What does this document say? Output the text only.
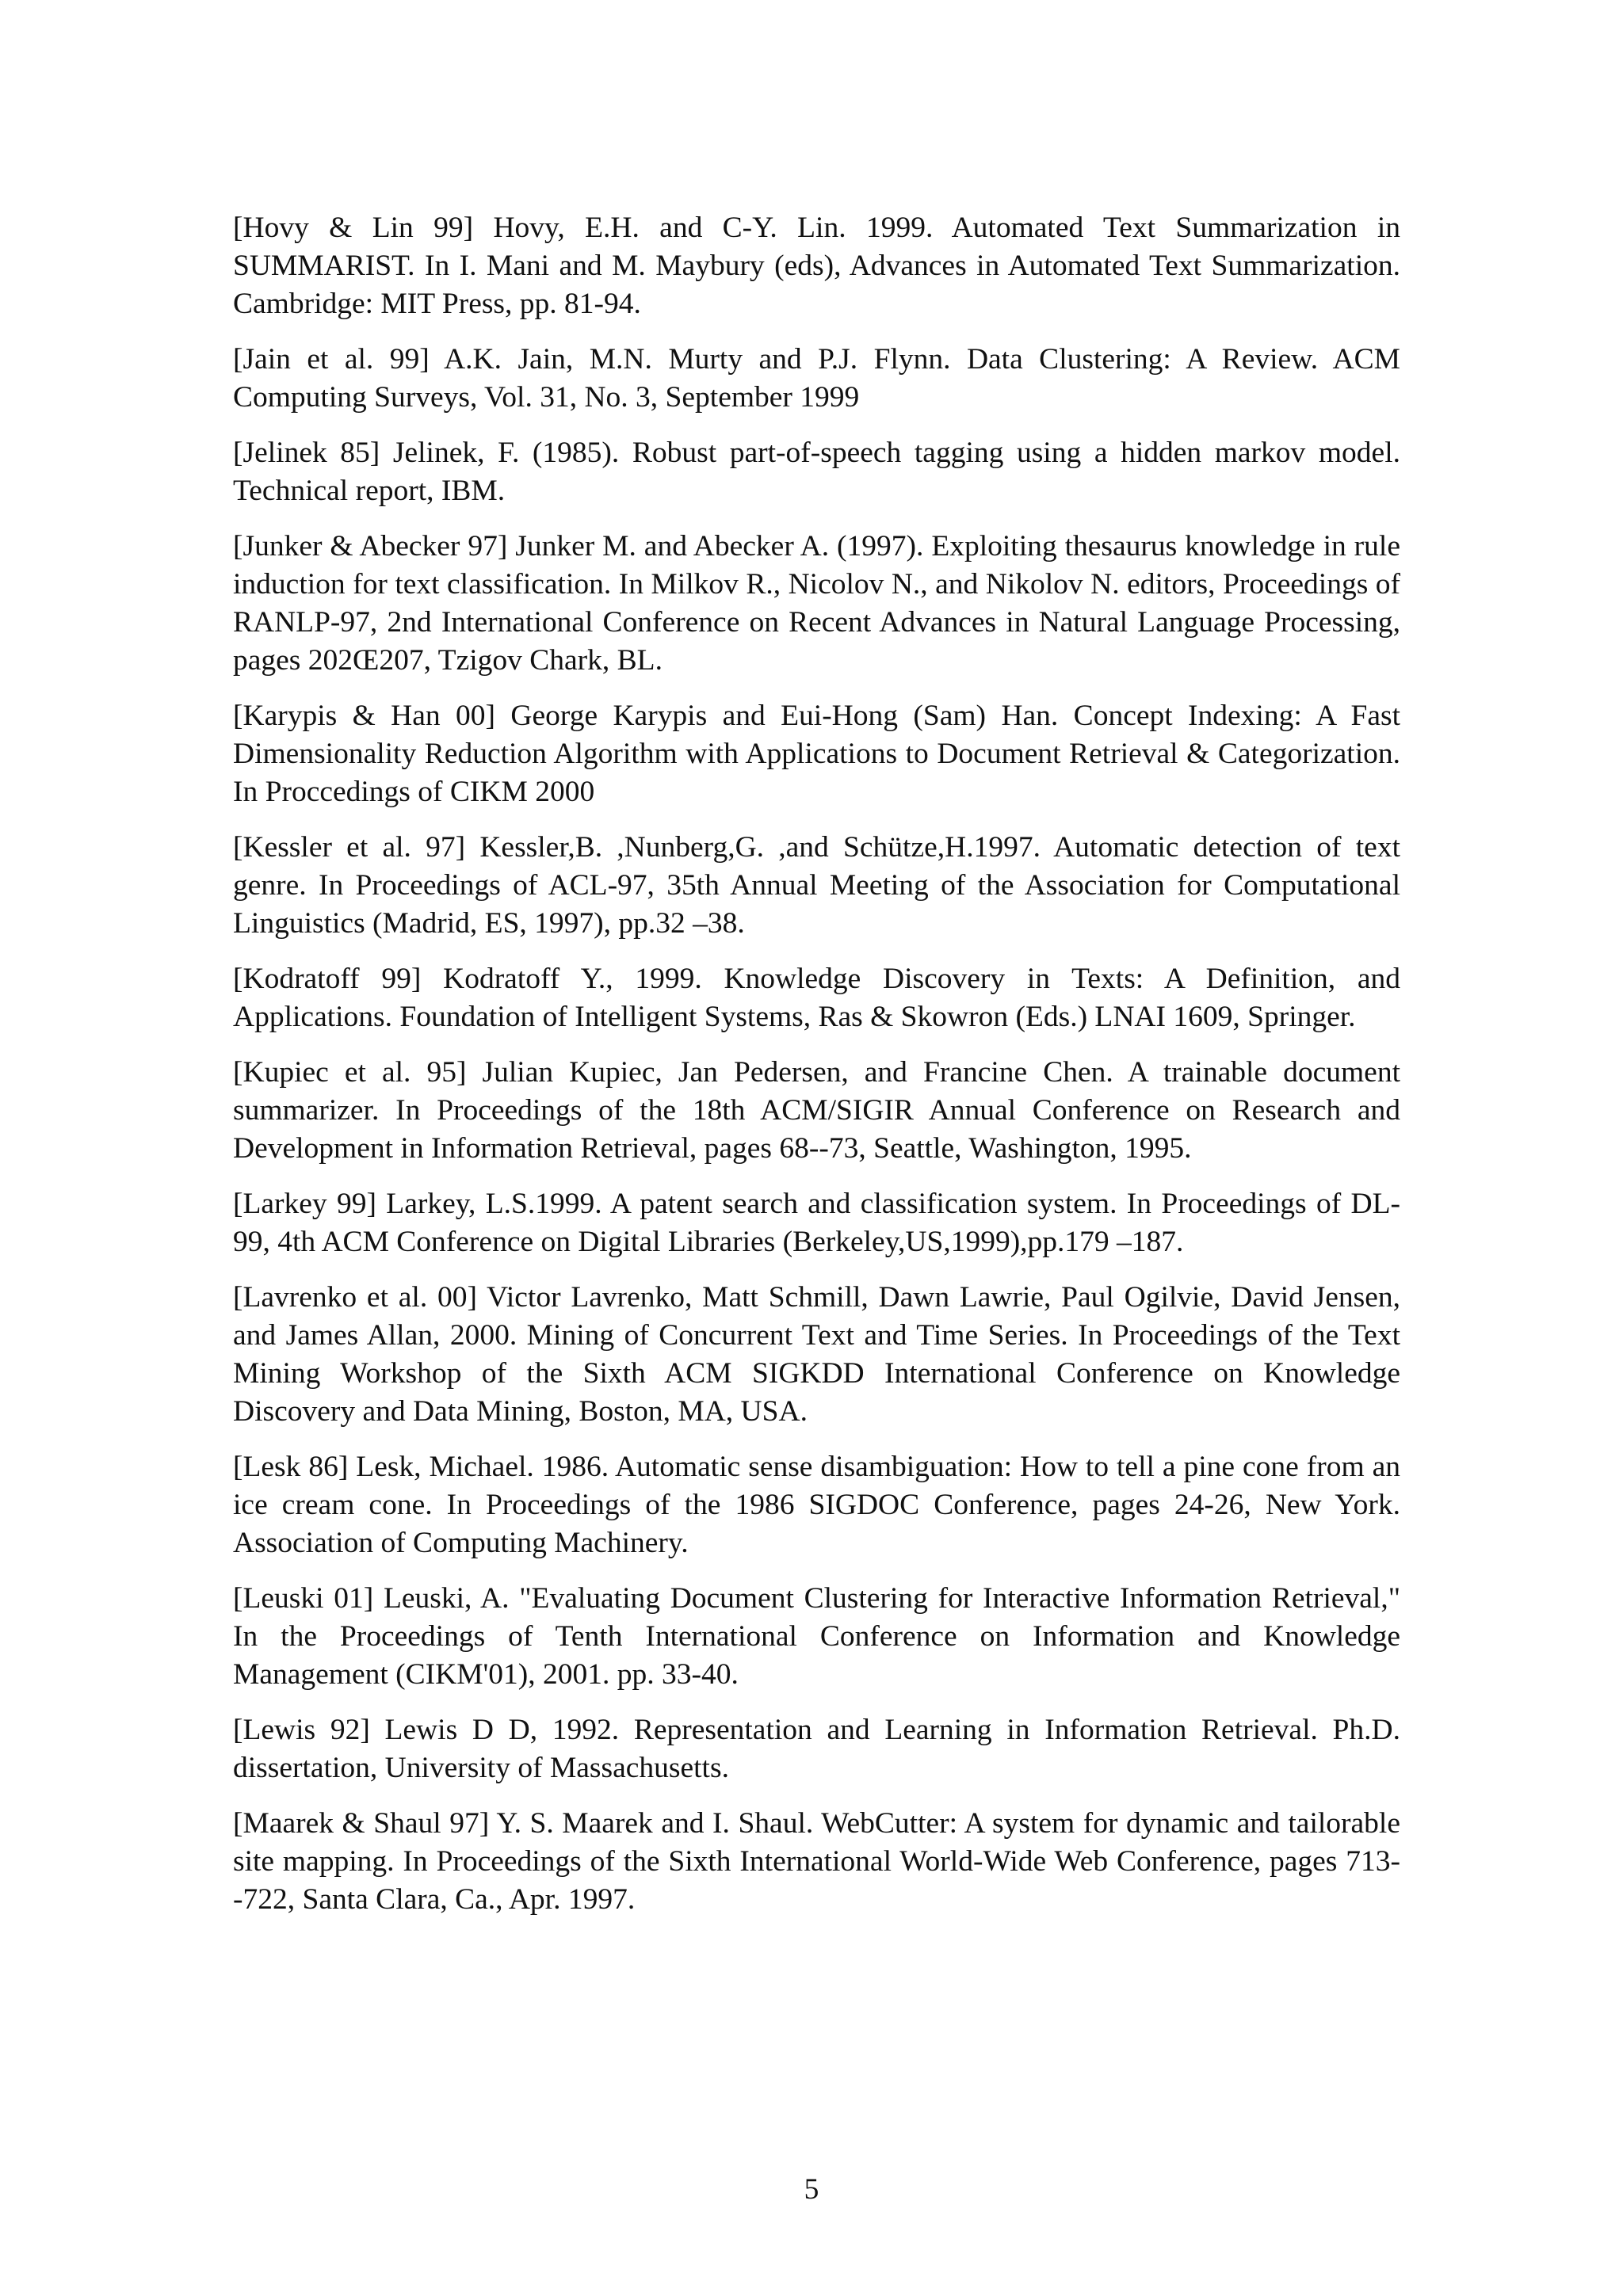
[Hovy & Lin 99] Hovy, E.H. and C-Y. Lin. 1999. Automated Text Summarization in SUMMARIST. In I. Mani and M. Maybury (eds), Advances in Automated Text Summarization. Cambridge: MIT Press, pp. 81-94.

[Jain et al. 99] A.K. Jain, M.N. Murty and P.J. Flynn. Data Clustering: A Review. ACM Computing Surveys, Vol. 31, No. 3, September 1999

[Jelinek 85] Jelinek, F. (1985). Robust part-of-speech tagging using a hidden markov model. Technical report, IBM.

[Junker & Abecker 97] Junker M. and Abecker A. (1997). Exploiting thesaurus knowledge in rule induction for text classification. In Milkov R., Nicolov N., and Nikolov N. editors, Proceedings of RANLP-97, 2nd International Conference on Recent Advances in Natural Language Processing, pages 202Œ207, Tzigov Chark, BL.

[Karypis & Han 00] George Karypis and Eui-Hong (Sam) Han. Concept Indexing: A Fast Dimensionality Reduction Algorithm with Applications to Document Retrieval & Categorization. In Proccedings of CIKM 2000

[Kessler et al. 97] Kessler,B. ,Nunberg,G. ,and Schütze,H.1997. Automatic detection of text genre. In Proceedings of ACL-97, 35th Annual Meeting of the Association for Computational Linguistics (Madrid, ES, 1997), pp.32 –38.

[Kodratoff 99] Kodratoff Y., 1999. Knowledge Discovery in Texts: A Definition, and Applications. Foundation of Intelligent Systems, Ras & Skowron (Eds.) LNAI 1609, Springer.

[Kupiec et al. 95] Julian Kupiec, Jan Pedersen, and Francine Chen. A trainable document summarizer. In Proceedings of the 18th ACM/SIGIR Annual Conference on Research and Development in Information Retrieval, pages 68--73, Seattle, Washington, 1995.

[Larkey 99] Larkey, L.S.1999. A patent search and classification system. In Proceedings of DL-99, 4th ACM Conference on Digital Libraries (Berkeley,US,1999),pp.179 –187.

[Lavrenko et al. 00] Victor Lavrenko, Matt Schmill, Dawn Lawrie, Paul Ogilvie, David Jensen, and James Allan, 2000. Mining of Concurrent Text and Time Series. In Proceedings of the Text Mining Workshop of the Sixth ACM SIGKDD International Conference on Knowledge Discovery and Data Mining, Boston, MA, USA.

[Lesk 86] Lesk, Michael. 1986. Automatic sense disambiguation: How to tell a pine cone from an ice cream cone. In Proceedings of the 1986 SIGDOC Conference, pages 24-26, New York. Association of Computing Machinery.

[Leuski 01] Leuski, A. "Evaluating Document Clustering for Interactive Information Retrieval," In the Proceedings of Tenth International Conference on Information and Knowledge Management (CIKM'01), 2001. pp. 33-40.

[Lewis 92] Lewis D D, 1992. Representation and Learning in Information Retrieval. Ph.D. dissertation, University of Massachusetts.

[Maarek & Shaul 97] Y. S. Maarek and I. Shaul. WebCutter: A system for dynamic and tailorable site mapping. In Proceedings of the Sixth International World-Wide Web Conference, pages 713--722, Santa Clara, Ca., Apr. 1997.

5
